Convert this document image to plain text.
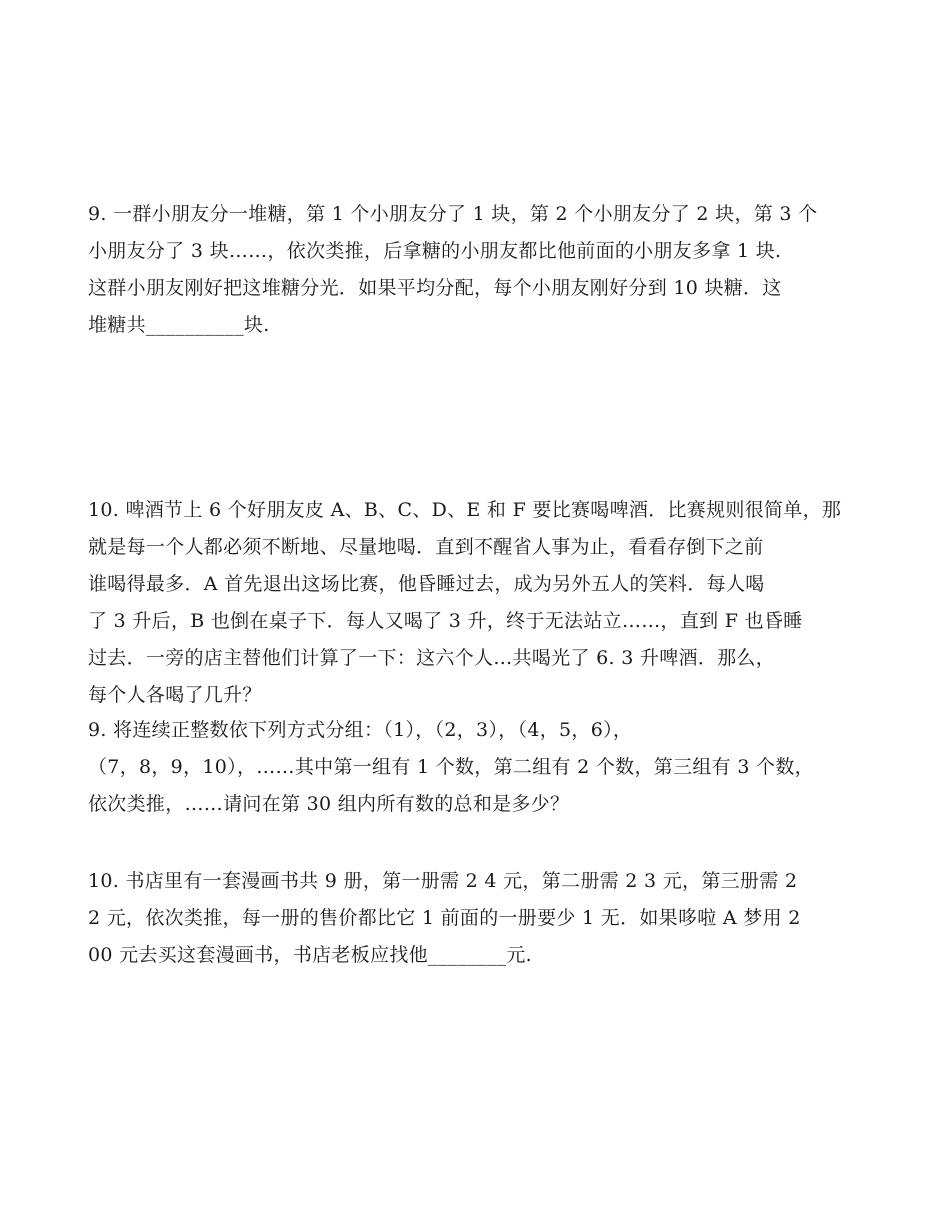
9. 一群小朋友分一堆糖，第 1 个小朋友分了 1 块，第 2 个小朋友分了 2 块，第 3 个
小朋友分了 3 块……，依次类推，后拿糖的小朋友都比他前面的小朋友多拿 1 块.
这群小朋友刚好把这堆糖分光．如果平均分配，每个小朋友刚好分到 10 块糖．这
堆糖共__________块.
10. 啤酒节上 6 个好朋友皮 A、B、C、D、E 和 F 要比赛喝啤酒．比赛规则很简单，那
就是每一个人都必须不断地、尽量地喝．直到不醒省人事为止，看看存倒下之前
谁喝得最多．A 首先退出这场比赛，他昏睡过去，成为另外五人的笑料．每人喝
了 3 升后，B 也倒在桌子下．每人又喝了 3 升，终于无法站立……，直到 F 也昏睡
过去．一旁的店主替他们计算了一下：这六个人…共喝光了 6. 3 升啤酒．那么，
每个人各喝了几升？
9. 将连续正整数依下列方式分组：（1），（2，3），（4，5，6），
（7，8，9，10），……其中第一组有 1 个数，第二组有 2 个数，第三组有 3 个数，
依次类推，……请问在第 30 组内所有数的总和是多少？
10. 书店里有一套漫画书共 9 册，第一册需 2 4 元，第二册需 2 3 元，第三册需 2
2 元，依次类推，每一册的售价都比它 1 前面的一册要少 1 无．如果哆啦 A 梦用 2
00 元去买这套漫画书，书店老板应找他________元.
